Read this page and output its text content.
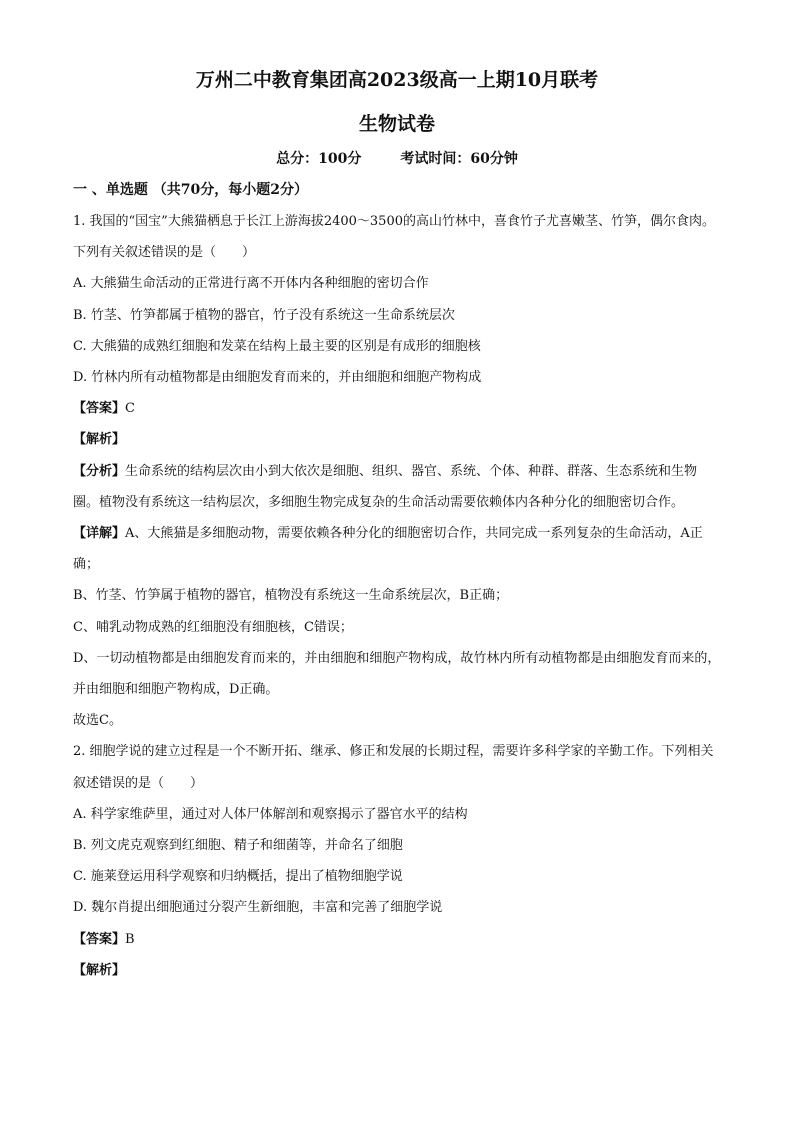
万州二中教育集团高2023级高一上期10月联考
生物试卷
总分：100分        考试时间：60分钟
一 、单选题 （共70分，每小题2分）

1. 我国的“国宝”大熊猫栖息于长江上游海拔2400～3500的高山竹林中，喜食竹子尤喜嫩茎、竹笋，偶尔食肉。下列有关叙述错误的是（　　）

A. 大熊猫生命活动的正常进行离不开体内各种细胞的密切合作

B. 竹茎、竹笋都属于植物的器官，竹子没有系统这一生命系统层次

C. 大熊猫的成熟红细胞和发菜在结构上最主要的区别是有成形的细胞核

D. 竹林内所有动植物都是由细胞发育而来的，并由细胞和细胞产物构成

【答案】C

【解析】

【分析】生命系统的结构层次由小到大依次是细胞、组织、器官、系统、个体、种群、群落、生态系统和生物圈。植物没有系统这一结构层次，多细胞生物完成复杂的生命活动需要依赖体内各种分化的细胞密切合作。

【详解】A、大熊猫是多细胞动物，需要依赖各种分化的细胞密切合作，共同完成一系列复杂的生命活动，A正确；

B、竹茎、竹笋属于植物的器官，植物没有系统这一生命系统层次，B正确；

C、哺乳动物成熟的红细胞没有细胞核，C错误；

D、一切动植物都是由细胞发育而来的，并由细胞和细胞产物构成，故竹林内所有动植物都是由细胞发育而来的，并由细胞和细胞产物构成，D正确。

故选C。

2. 细胞学说的建立过程是一个不断开拓、继承、修正和发展的长期过程，需要许多科学家的辛勤工作。下列相关叙述错误的是（　　）

A. 科学家维萨里，通过对人体尸体解剖和观察揭示了器官水平的结构

B. 列文虎克观察到红细胞、精子和细菌等，并命名了细胞

C. 施莱登运用科学观察和归纳概括，提出了植物细胞学说

D. 魏尔肖提出细胞通过分裂产生新细胞，丰富和完善了细胞学说

【答案】B

【解析】
